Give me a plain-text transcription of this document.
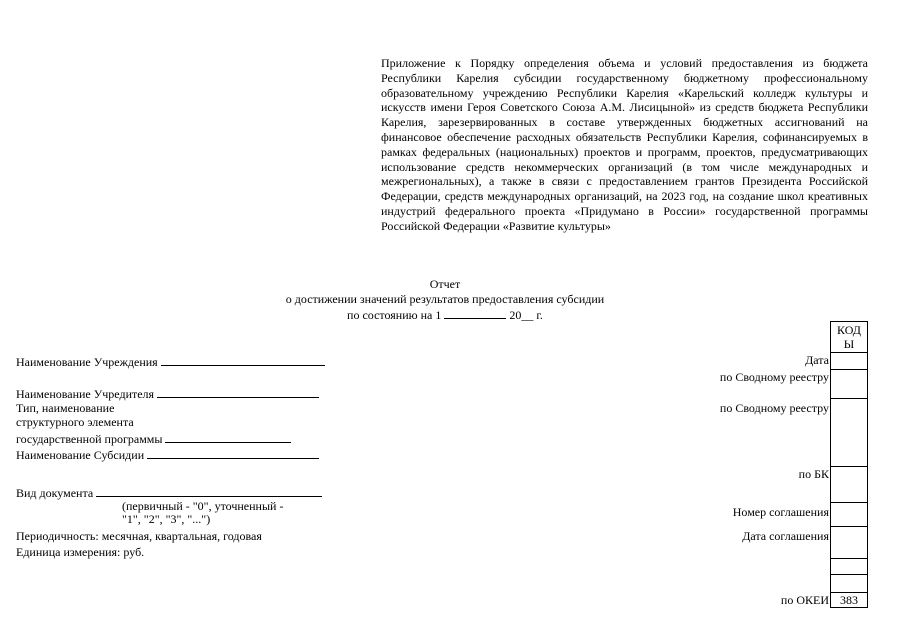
Приложение к Порядку определения объема и условий предоставления из бюджета Республики Карелия субсидии государственному бюджетному профессиональному образовательному учреждению Республики Карелия «Карельский колледж культуры и искусств имени Героя Советского Союза А.М. Лисицыной» из средств бюджета Республики Карелия, зарезервированных в составе утвержденных бюджетных ассигнований на финансовое обеспечение расходных обязательств Республики Карелия, софинансируемых в рамках федеральных (национальных) проектов и программ, проектов, предусматривающих использование средств некоммерческих организаций (в том числе международных и межрегиональных), а также в связи с предоставлением грантов Президента Российской Федерации, средств международных организаций, на 2023 год, на создание школ креативных индустрий федерального проекта «Придумано в России» государственной программы Российской Федерации «Развитие культуры»
Отчет
о достижении значений результатов предоставления субсидии
по состоянию на 1	20__ г.
Наименование Учреждения
Наименование Учредителя
Тип, наименование
структурного элемента
государственной программы
Наименование Субсидии
Вид документа
(первичный - "0", уточненный -
"1", "2", "3", "...")
Периодичность: месячная, квартальная, годовая
Единица измерения: руб.
Дата
по Сводному реестру
по Сводному реестру
по БК
Номер соглашения
Дата соглашения
по ОКЕИ
КОДЫ
383
